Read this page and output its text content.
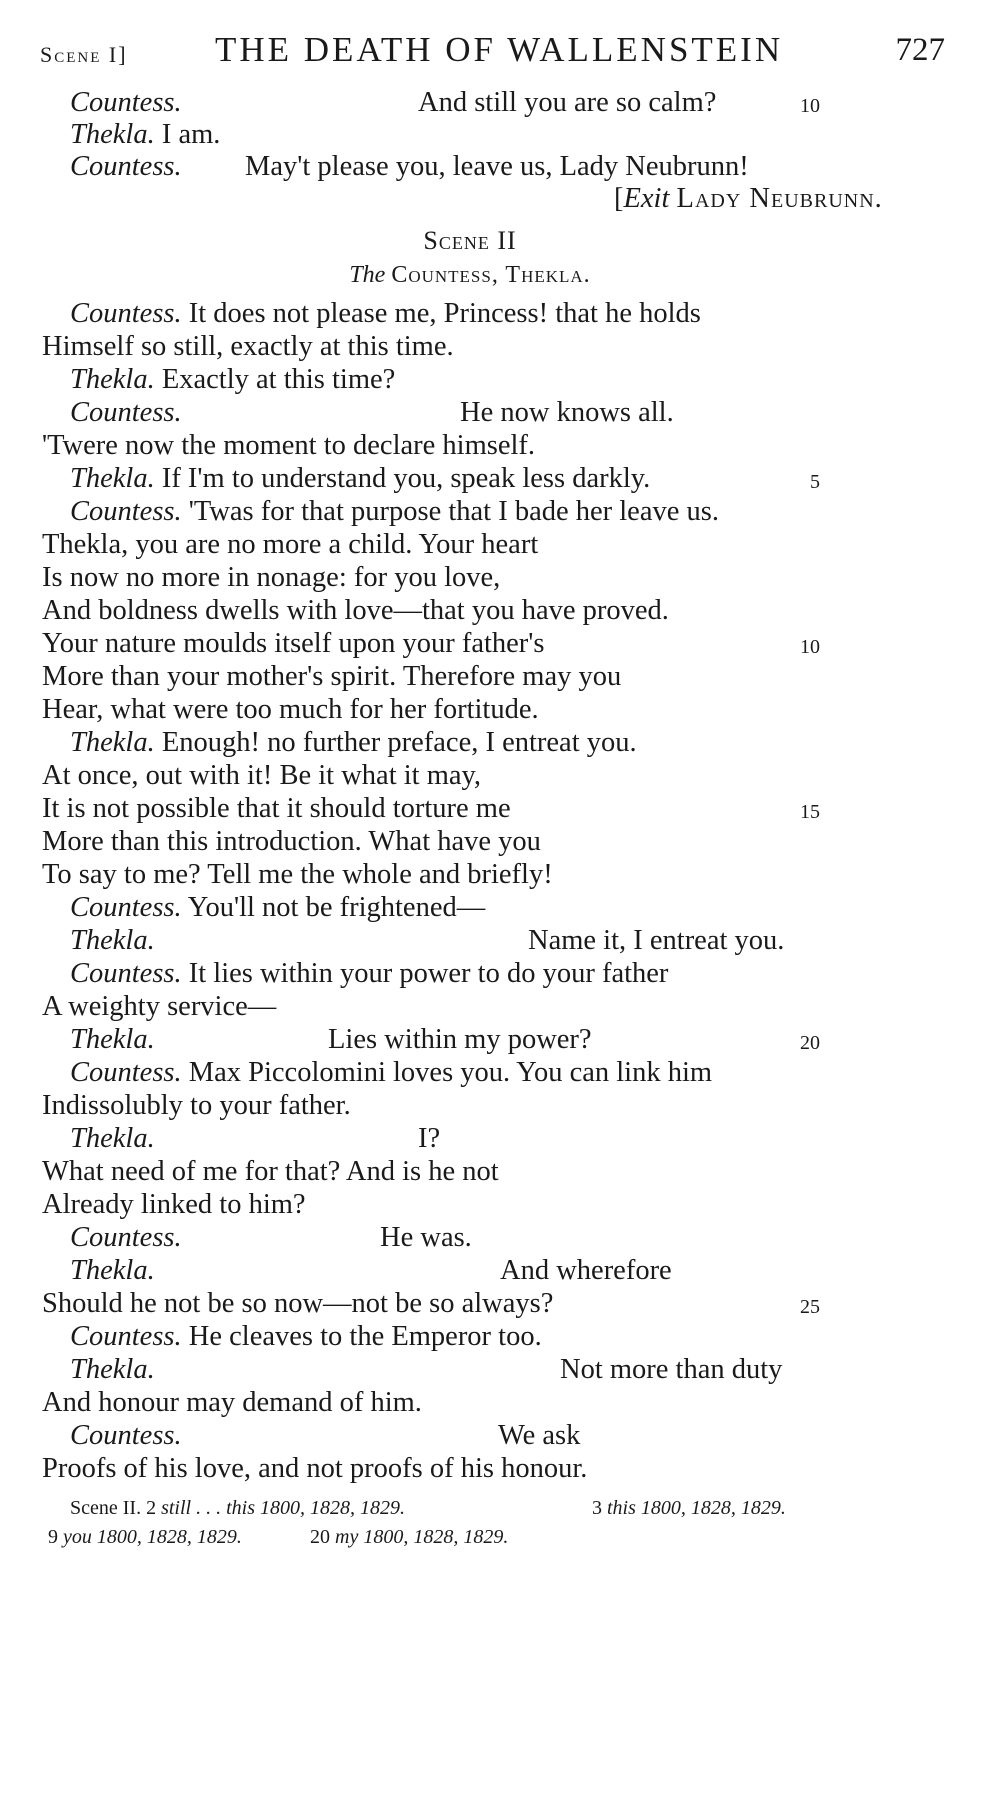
Scene I] THE DEATH OF WALLENSTEIN	727
Countess.	And still you are so calm?	10
Thekla. I am.
Countess. May't please you, leave us, Lady Neubrunn!
[Exit Lady Neubrunn.
Scene II
The Countess, Thekla.
Countess. It does not please me, Princess! that he holds
Himself so still, exactly at this time.
Thekla. Exactly at this time?
Countess.	He now knows all.
'Twere now the moment to declare himself.
Thekla. If I'm to understand you, speak less darkly.	5
Countess. 'Twas for that purpose that I bade her leave us.
Thekla, you are no more a child. Your heart
Is now no more in nonage: for you love,
And boldness dwells with love—that you have proved.
Your nature moulds itself upon your father's	10
More than your mother's spirit. Therefore may you
Hear, what were too much for her fortitude.
Thekla. Enough! no further preface, I entreat you.
At once, out with it! Be it what it may,
It is not possible that it should torture me	15
More than this introduction. What have you
To say to me? Tell me the whole and briefly!
Countess. You'll not be frightened—
Thekla.	Name it, I entreat you.
Countess. It lies within your power to do your father
A weighty service—
Thekla.	Lies within my power?	20
Countess. Max Piccolomini loves you. You can link him
Indissolubly to your father.
Thekla.	I?
What need of me for that? And is he not
Already linked to him?
Countess.	He was.
Thekla.	And wherefore
Should he not be so now—not be so always?	25
Countess. He cleaves to the Emperor too.
Thekla.	Not more than duty
And honour may demand of him.
Countess.	We ask
Proofs of his love, and not proofs of his honour.
Scene II. 2 still . . . this 1800, 1828, 1829.	3 this 1800, 1828, 1829.
9 you 1800, 1828, 1829.	20 my 1800, 1828, 1829.
